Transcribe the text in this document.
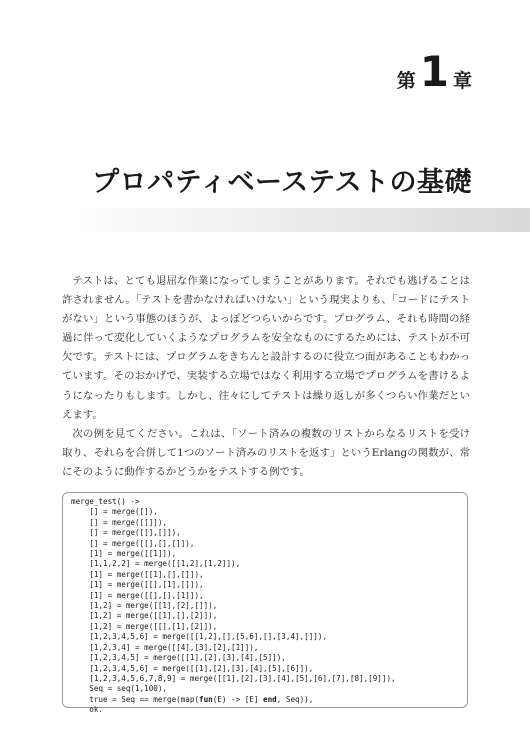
第 1 章
プロパティベーステストの基礎

テストは、とても退屈な作業になってしまうことがあります。それでも逃げることは許されません。「テストを書かなければいけない」という現実よりも、「コードにテストがない」という事態のほうが、よっぽどつらいからです。プログラム、それも時間の経過に伴って変化していくようなプログラムを安全なものにするためには、テストが不可欠です。テストには、プログラムをきちんと設計するのに役立つ面があることもわかっています。そのおかげで、実装する立場ではなく利用する立場でプログラムを書けるようになったりもします。しかし、往々にしてテストは繰り返しが多くつらい作業だといえます。

次の例を見てください。これは、「ソート済みの複数のリストからなるリストを受け取り、それらを合併して1つのソート済みのリストを返す」というErlangの関数が、常にそのように動作するかどうかをテストする例です。

merge_test() ->
[] = merge([]),
[] = merge([[]]),
[] = merge([[],[]]),
[] = merge([[],[],[]]),
[1] = merge([[1]]),
[1,1,2,2] = merge([[1,2],[1,2]]),
[1] = merge([[1],[],[]]),
[1] = merge([[],[1],[]]),
[1] = merge([[],[],[1]]),
[1,2] = merge([[1],[2],[]]),
[1,2] = merge([[1],[],[2]]),
[1,2] = merge([[],[1],[2]]),
[1,2,3,4,5,6] = merge([[1,2],[],[5,6],[],[3,4],[]]),
[1,2,3,4] = merge([[4],[3],[2],[1]]),
[1,2,3,4,5] = merge([[1],[2],[3],[4],[5]]),
[1,2,3,4,5,6] = merge([[1],[2],[3],[4],[5],[6]]),
[1,2,3,4,5,6,7,8,9] = merge([[1],[2],[3],[4],[5],[6],[7],[8],[9]]),
Seq = seq(1,100),
true = Seq == merge(map(fun(E) -> [E] end, Seq)),
ok.
